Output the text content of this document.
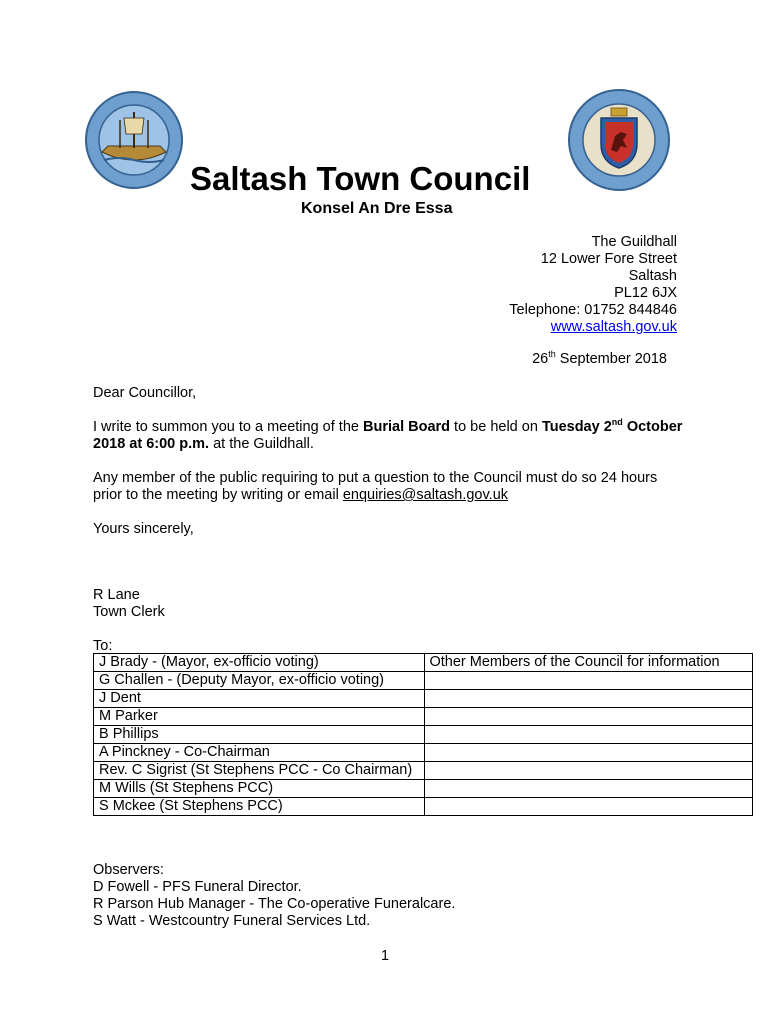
Saltash Town Council
Konsel An Dre Essa
The Guildhall
12 Lower Fore Street
Saltash
PL12 6JX
Telephone: 01752 844846
www.saltash.gov.uk
26th September 2018
Dear Councillor,
I write to summon you to a meeting of the Burial Board to be held on Tuesday 2nd October 2018 at 6:00 p.m. at the Guildhall.
Any member of the public requiring to put a question to the Council must do so 24 hours prior to the meeting by writing or email enquiries@saltash.gov.uk
Yours sincerely,
R Lane
Town Clerk
To:
J Brady - (Mayor, ex-officio voting)	Other Members of the Council for information
G Challen - (Deputy Mayor, ex-officio voting)	
J Dent	
M Parker	
B Phillips	
A Pinckney - Co-Chairman	
Rev. C Sigrist (St Stephens PCC - Co Chairman)	
M Wills (St Stephens PCC)	
S Mckee (St Stephens PCC)	
Observers:
D Fowell - PFS Funeral Director.
R Parson Hub Manager - The Co-operative Funeralcare.
S Watt - Westcountry Funeral Services Ltd.
1
